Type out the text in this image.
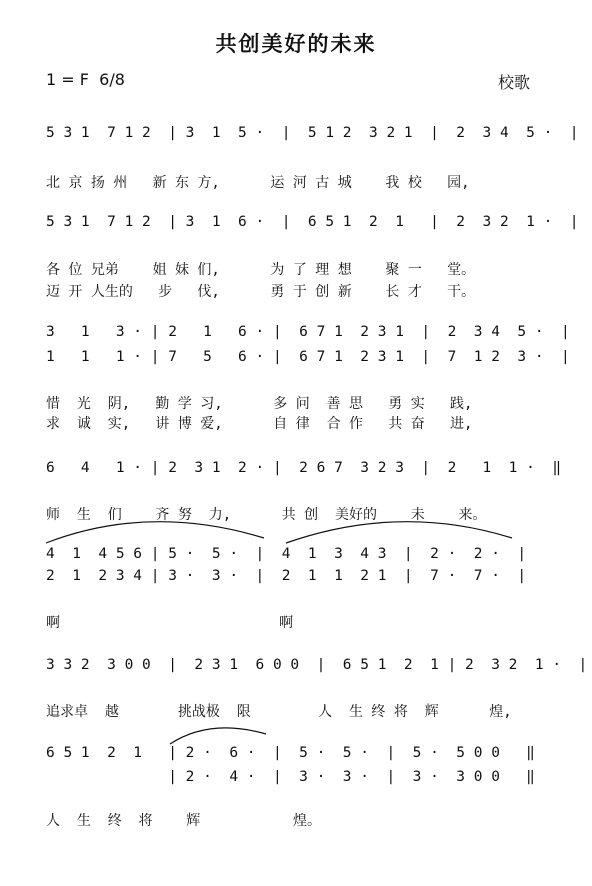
共创美好的未来
1 = F  6/8	校歌
5 3 1  7 1 2  | 3  1  5 ·  |  5 1 2  3 2 1  |  2  3 4  5 ·  |
北 京 扬 州   新 东 方,      运 河 古 城    我 校   园,
5 3 1  7 1 2  | 3  1  6 ·  |  6 5 1  2  1   |  2  3 2  1 ·  |
各 位 兄弟    姐 妹 们,      为 了 理 想    聚 一   堂。
迈 开 人生的   步   伐,      勇 于 创 新    长 才   干。
3   1   3 · | 2   1   6 · |  6 7 1  2 3 1  |  2  3 4  5 ·  |
1   1   1 · | 7   5   6 · |  6 7 1  2 3 1  |  7  1 2  3 ·  |
惜  光  阴,   勤 学 习,      多 问  善 思   勇 实   践,
求  诚  实,   讲 博 爱,      自 律  合 作   共 奋   进,
6   4   1 · | 2  3 1  2 · |  2 6 7  3 2 3  |  2   1  1 ·  ‖
师  生  们    齐 努  力,      共 创  美好的    未    来。
4  1  4 5 6 | 5 ·  5 ·  |  4  1  3  4 3  |  2 ·  2 ·  |
2  1  2 3 4 | 3 ·  3 ·  |  2  1  1  2 1  |  7 ·  7 ·  |
啊                          啊
3 3 2  3 0 0  |  2 3 1  6 0 0  |  6 5 1  2  1 | 2  3 2  1 ·  |
追求卓  越       挑战极  限        人  生 终 将  辉      煌,
6 5 1  2  1   | 2 ·  6 ·  |  5 ·  5 ·  |  5 ·  5 0 0   ‖
| 2 ·  4 ·  |  3 ·  3 ·  |  3 ·  3 0 0   ‖
人  生  终  将    辉           煌。
